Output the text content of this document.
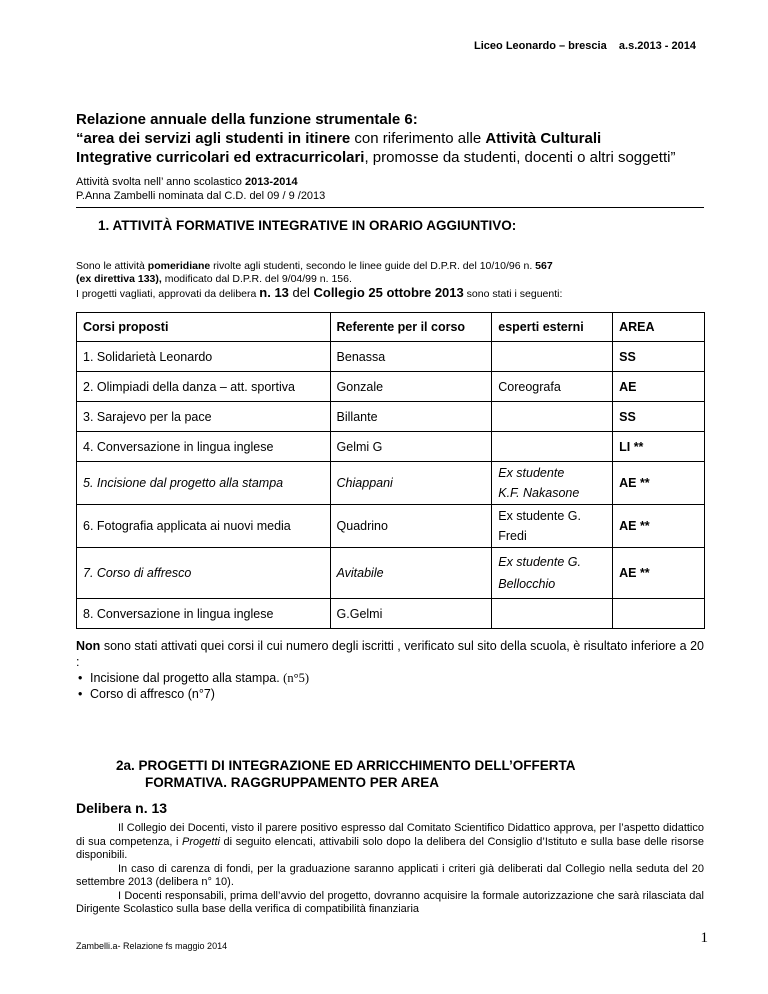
Liceo Leonardo – brescia a.s.2013 - 2014
Relazione annuale della funzione strumentale 6:
“area dei servizi agli studenti in itinere con riferimento alle Attività Culturali
Integrative curricolari ed extracurricolari, promosse da studenti, docenti o altri soggetti”
Attività svolta nell’ anno scolastico 2013-2014
P.Anna Zambelli nominata dal C.D. del 09 / 9 /2013
1. ATTIVITÀ FORMATIVE INTEGRATIVE IN ORARIO AGGIUNTIVO:
Sono le attività pomeridiane rivolte agli studenti, secondo le linee guide del D.P.R. del 10/10/96 n. 567
(ex direttiva 133), modificato dal D.P.R. del 9/04/99 n. 156.
I progetti vagliati, approvati da delibera n. 13 del Collegio 25 ottobre 2013 sono stati i seguenti:
Corsi proposti	Referente per il corso	esperti esterni	AREA
1. Solidarietà Leonardo	Benassa		SS
2. Olimpiadi della danza – att. sportiva	Gonzale	Coreografa	AE
3. Sarajevo per la pace	Billante		SS
4. Conversazione in lingua inglese	Gelmi G		LI **
5. Incisione dal progetto alla stampa	Chiappani	Ex studente
K.F. Nakasone	AE **
6. Fotografia applicata ai nuovi media	Quadrino	Ex studente G.
Fredi	AE **
7. Corso di affresco	Avitabile	Ex studente G.
Bellocchio	AE **
8. Conversazione in lingua inglese	G.Gelmi		
Non sono stati attivati quei corsi il cui numero degli iscritti , verificato sul sito della scuola, è risultato inferiore a 20 :
• Incisione dal progetto alla stampa. (n°5)
• Corso di affresco (n°7)
2a. PROGETTI DI INTEGRAZIONE ED ARRICCHIMENTO DELL’OFFERTA
FORMATIVA. RAGGRUPPAMENTO PER AREA
Delibera n. 13

Il Collegio dei Docenti, visto il parere positivo espresso dal Comitato Scientifico Didattico approva, per l’aspetto didattico di sua competenza, i Progetti di seguito elencati, attivabili solo dopo la delibera del Consiglio d’Istituto e sulla base delle risorse disponibili.

In caso di carenza di fondi, per la graduazione saranno applicati i criteri già deliberati dal Collegio nella seduta del 20 settembre 2013 (delibera n° 10).

I Docenti responsabili, prima dell’avvio del progetto, dovranno acquisire la formale autorizzazione che sarà rilasciata dal Dirigente Scolastico sulla base della verifica di compatibilità finanziaria

Zambelli.a- Relazione fs maggio 2014	1
